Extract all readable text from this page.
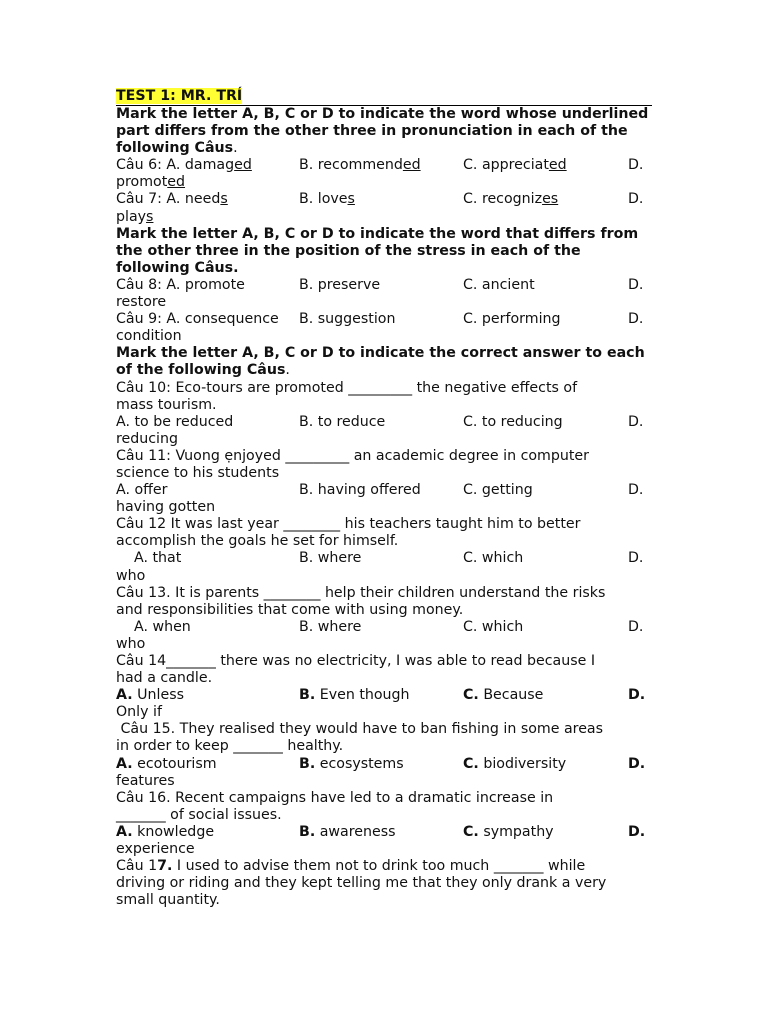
TEST 1: MR. TRÍ

Mark the letter A, B, C or D to indicate the word whose underlined part differs from the other three in pronunciation in each of the following Câus.

Câu 6: A. damaged	B. recommended	C. appreciated	D.
promoted
Câu 7: A. needs	B. loves	C. recognizes	D.
plays

Mark the letter A, B, C or D to indicate the word that differs from the other three in the position of the stress in each of the following Câus.

Câu 8: A. promote	B. preserve	C. ancient	D.
restore
Câu 9: A. consequence B. suggestion	C. performing	D.
condition

Mark the letter A, B, C or D to indicate the correct answer to each of the following Câus.

Câu 10: Eco-tours are promoted _________ the negative effects of
mass tourism.
A. to be reduced	B. to reduce	C. to reducing	D.
reducing
Câu 11: Vuong ẹnjoyed _________ an academic degree in computer
science to his students
A. offer	B. having offered	C. getting	D.
having gotten
Câu 12 It was last year ________ his teachers taught him to better
accomplish the goals he set for himself.
A. that	B. where	C. which	D.
who
Câu 13. It is parents ________ help their children understand the risks
and responsibilities that come with using money.
A. when	B. where	C. which	D.
who
Câu 14_______ there was no electricity, I was able to read because I
had a candle.
A. Unless	B. Even though	C. Because	D.
Only if
Câu 15. They realised they would have to ban fishing in some areas
in order to keep _______ healthy.
A. ecotourism	B. ecosystems	C. biodiversity	D.
features
Câu 16. Recent campaigns have led to a dramatic increase in
_______ of social issues.
A. knowledge	B. awareness	C. sympathy	D.
experience
Câu 17. I used to advise them not to drink too much _______ while
driving or riding and they kept telling me that they only drank a very
small quantity.
